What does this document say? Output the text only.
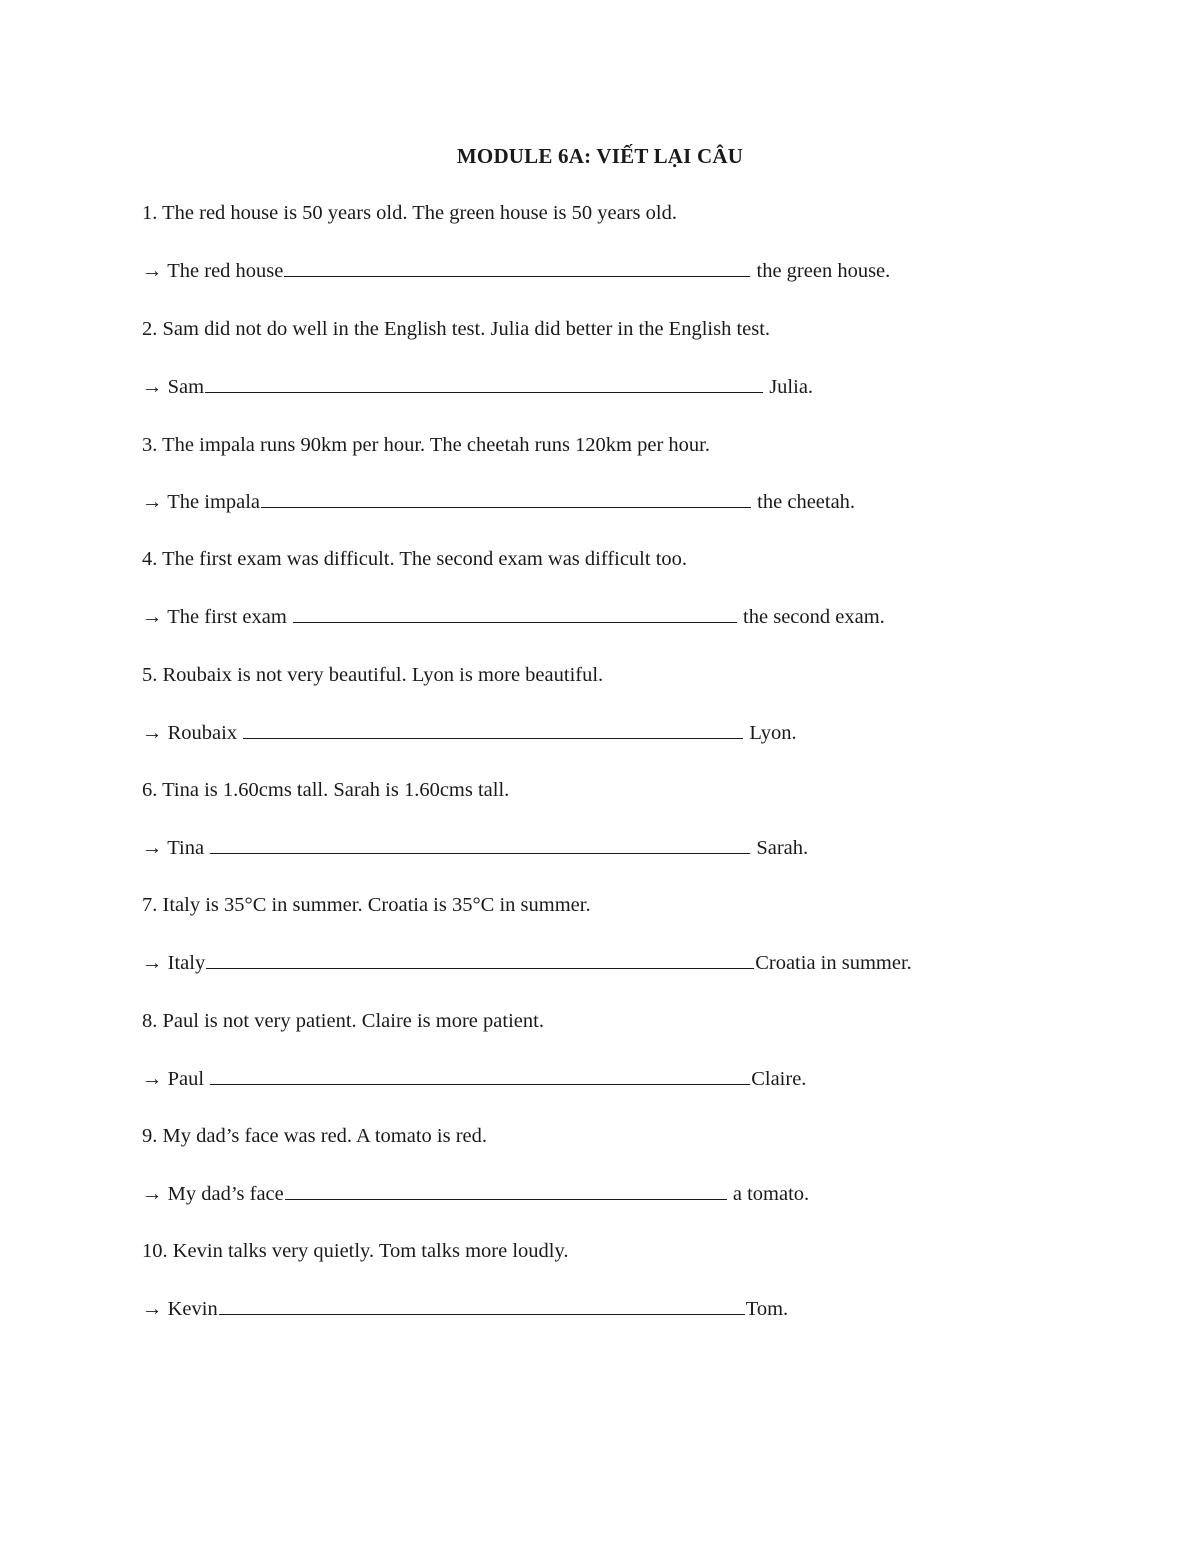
MODULE 6A: VIẾT LẠI CÂU
1. The red house is 50 years old. The green house is 50 years old.
→ The red house	the green house.
2. Sam did not do well in the English test. Julia did better in the English test.
→ Sam	Julia.
3. The impala runs 90km per hour. The cheetah runs 120km per hour.
→ The impala	the cheetah.
4. The first exam was difficult. The second exam was difficult too.
→ The first exam	the second exam.
5. Roubaix is not very beautiful. Lyon is more beautiful.
→ Roubaix	Lyon.
6. Tina is 1.60cms tall. Sarah is 1.60cms tall.
→ Tina	Sarah.
7. Italy is 35°C in summer. Croatia is 35°C in summer.
→ Italy	Croatia in summer.
8. Paul is not very patient. Claire is more patient.
→ Paul	Claire.
9. My dad’s face was red. A tomato is red.
→ My dad’s face	a tomato.
10. Kevin talks very quietly. Tom talks more loudly.
→ Kevin	Tom.
